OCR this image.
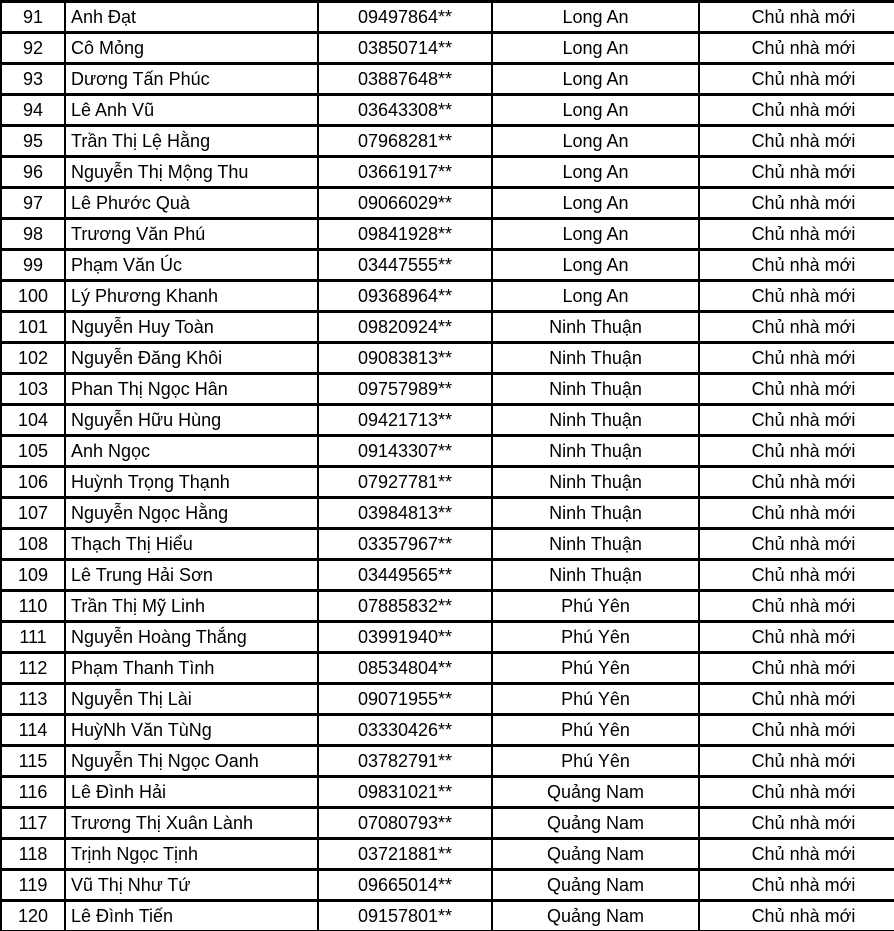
91	Anh Đạt	09497864**	Long An	Chủ nhà mới
92	Cô Mỏng	03850714**	Long An	Chủ nhà mới
93	Dương Tấn Phúc	03887648**	Long An	Chủ nhà mới
94	Lê Anh Vũ	03643308**	Long An	Chủ nhà mới
95	Trần Thị Lệ Hằng	07968281**	Long An	Chủ nhà mới
96	Nguyễn Thị Mộng Thu	03661917**	Long An	Chủ nhà mới
97	Lê Phước Quà	09066029**	Long An	Chủ nhà mới
98	Trương Văn Phú	09841928**	Long An	Chủ nhà mới
99	Phạm Văn Úc	03447555**	Long An	Chủ nhà mới
100	Lý Phương Khanh	09368964**	Long An	Chủ nhà mới
101	Nguyễn Huy Toàn	09820924**	Ninh Thuận	Chủ nhà mới
102	Nguyễn Đăng Khôi	09083813**	Ninh Thuận	Chủ nhà mới
103	Phan Thị Ngọc Hân	09757989**	Ninh Thuận	Chủ nhà mới
104	Nguyễn Hữu Hùng	09421713**	Ninh Thuận	Chủ nhà mới
105	Anh Ngọc	09143307**	Ninh Thuận	Chủ nhà mới
106	Huỳnh Trọng Thạnh	07927781**	Ninh Thuận	Chủ nhà mới
107	Nguyễn Ngọc Hằng	03984813**	Ninh Thuận	Chủ nhà mới
108	Thạch Thị Hiểu	03357967**	Ninh Thuận	Chủ nhà mới
109	Lê Trung Hải Sơn	03449565**	Ninh Thuận	Chủ nhà mới
110	Trần Thị Mỹ Linh	07885832**	Phú Yên	Chủ nhà mới
111	Nguyễn Hoàng Thắng	03991940**	Phú Yên	Chủ nhà mới
112	Phạm Thanh Tình	08534804**	Phú Yên	Chủ nhà mới
113	Nguyễn Thị Lài	09071955**	Phú Yên	Chủ nhà mới
114	HuỳNh Văn TùNg	03330426**	Phú Yên	Chủ nhà mới
115	Nguyễn Thị Ngọc Oanh	03782791**	Phú Yên	Chủ nhà mới
116	Lê Đình Hải	09831021**	Quảng Nam	Chủ nhà mới
117	Trương Thị Xuân Lành	07080793**	Quảng Nam	Chủ nhà mới
118	Trịnh Ngọc Tịnh	03721881**	Quảng Nam	Chủ nhà mới
119	Vũ Thị Như Tứ	09665014**	Quảng Nam	Chủ nhà mới
120	Lê Đình Tiến	09157801**	Quảng Nam	Chủ nhà mới
